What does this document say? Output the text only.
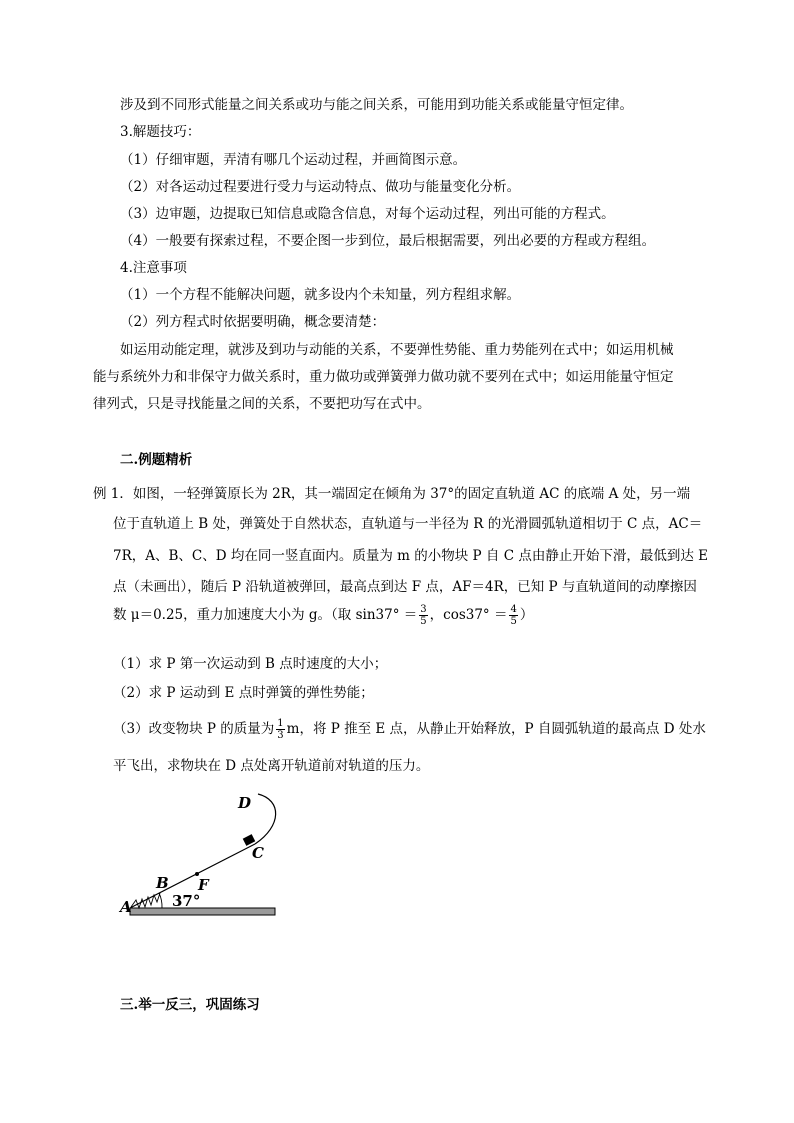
涉及到不同形式能量之间关系或功与能之间关系，可能用到功能关系或能量守恒定律。
3.解题技巧：
（1）仔细审题，弄清有哪几个运动过程，并画简图示意。
（2）对各运动过程要进行受力与运动特点、做功与能量变化分析。
（3）边审题，边提取已知信息或隐含信息，对每个运动过程，列出可能的方程式。
（4）一般要有探索过程，不要企图一步到位，最后根据需要，列出必要的方程或方程组。
4.注意事项
（1）一个方程不能解决问题，就多设内个未知量，列方程组求解。
（2）列方程式时依据要明确，概念要清楚：
如运用动能定理，就涉及到功与动能的关系，不要弹性势能、重力势能列在式中；如运用机械
能与系统外力和非保守力做关系时，重力做功或弹簧弹力做功就不要列在式中；如运用能量守恒定
律列式，只是寻找能量之间的关系，不要把功写在式中。
二.例题精析
例 1．如图，一轻弹簧原长为 2R，其一端固定在倾角为 37°的固定直轨道 AC 的底端 A 处，另一端
位于直轨道上 B 处，弹簧处于自然状态，直轨道与一半径为 R 的光滑圆弧轨道相切于 C 点，AC＝
7R，A、B、C、D 均在同一竖直面内。质量为 m 的小物块 P 自 C 点由静止开始下滑，最低到达 E
点（未画出），随后 P 沿轨道被弹回，最高点到达 F 点，AF＝4R，已知 P 与直轨道间的动摩擦因
数 μ＝0.25，重力加速度大小为 g。（取 $\sin 37^\circ = \frac{3}{5}$ ，$\cos 37^\circ = \frac{4}{5}$ ）
（1）求 P 第一次运动到 B 点时速度的大小；
（2）求 P 运动到 E 点时弹簧的弹性势能；
（3）改变物块 P 的质量为 $\frac{1}{3}$ m，将 P 推至 E 点，从静止开始释放，P 自圆弧轨道的最高点 D 处水
平飞出，求物块在 D 点处离开轨道前对轨道的压力。
D
C
B F
A	37°
三.举一反三，巩固练习
